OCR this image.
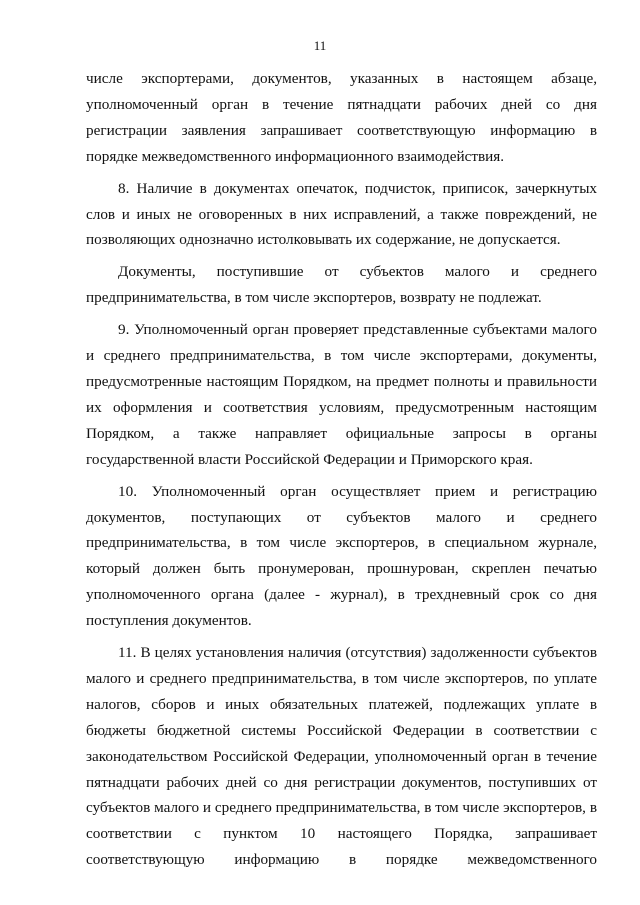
11

числе экспортерами, документов, указанных в настоящем абзаце, уполномоченный орган в течение пятнадцати рабочих дней со дня регистрации заявления запрашивает соответствующую информацию в порядке межведомственного информационного взаимодействия.

8. Наличие в документах опечаток, подчисток, приписок, зачеркнутых слов и иных не оговоренных в них исправлений, а также повреждений, не позволяющих однозначно истолковывать их содержание, не допускается.

Документы, поступившие от субъектов малого и среднего предпринимательства, в том числе экспортеров, возврату не подлежат.

9. Уполномоченный орган проверяет представленные субъектами малого и среднего предпринимательства, в том числе экспортерами, документы, предусмотренные настоящим Порядком, на предмет полноты и правильности их оформления и соответствия условиям, предусмотренным настоящим Порядком, а также направляет официальные запросы в органы государственной власти Российской Федерации и Приморского края.

10. Уполномоченный орган осуществляет прием и регистрацию документов, поступающих от субъектов малого и среднего предпринимательства, в том числе экспортеров, в специальном журнале, который должен быть пронумерован, прошнурован, скреплен печатью уполномоченного органа (далее - журнал), в трехдневный срок со дня поступления документов.

11. В целях установления наличия (отсутствия) задолженности субъектов малого и среднего предпринимательства, в том числе экспортеров, по уплате налогов, сборов и иных обязательных платежей, подлежащих уплате в бюджеты бюджетной системы Российской Федерации в соответствии с законодательством Российской Федерации, уполномоченный орган в течение пятнадцати рабочих дней со дня регистрации документов, поступивших от субъектов малого и среднего предпринимательства, в том числе экспортеров, в соответствии с пунктом 10 настоящего Порядка, запрашивает соответствующую информацию в порядке межведомственного
